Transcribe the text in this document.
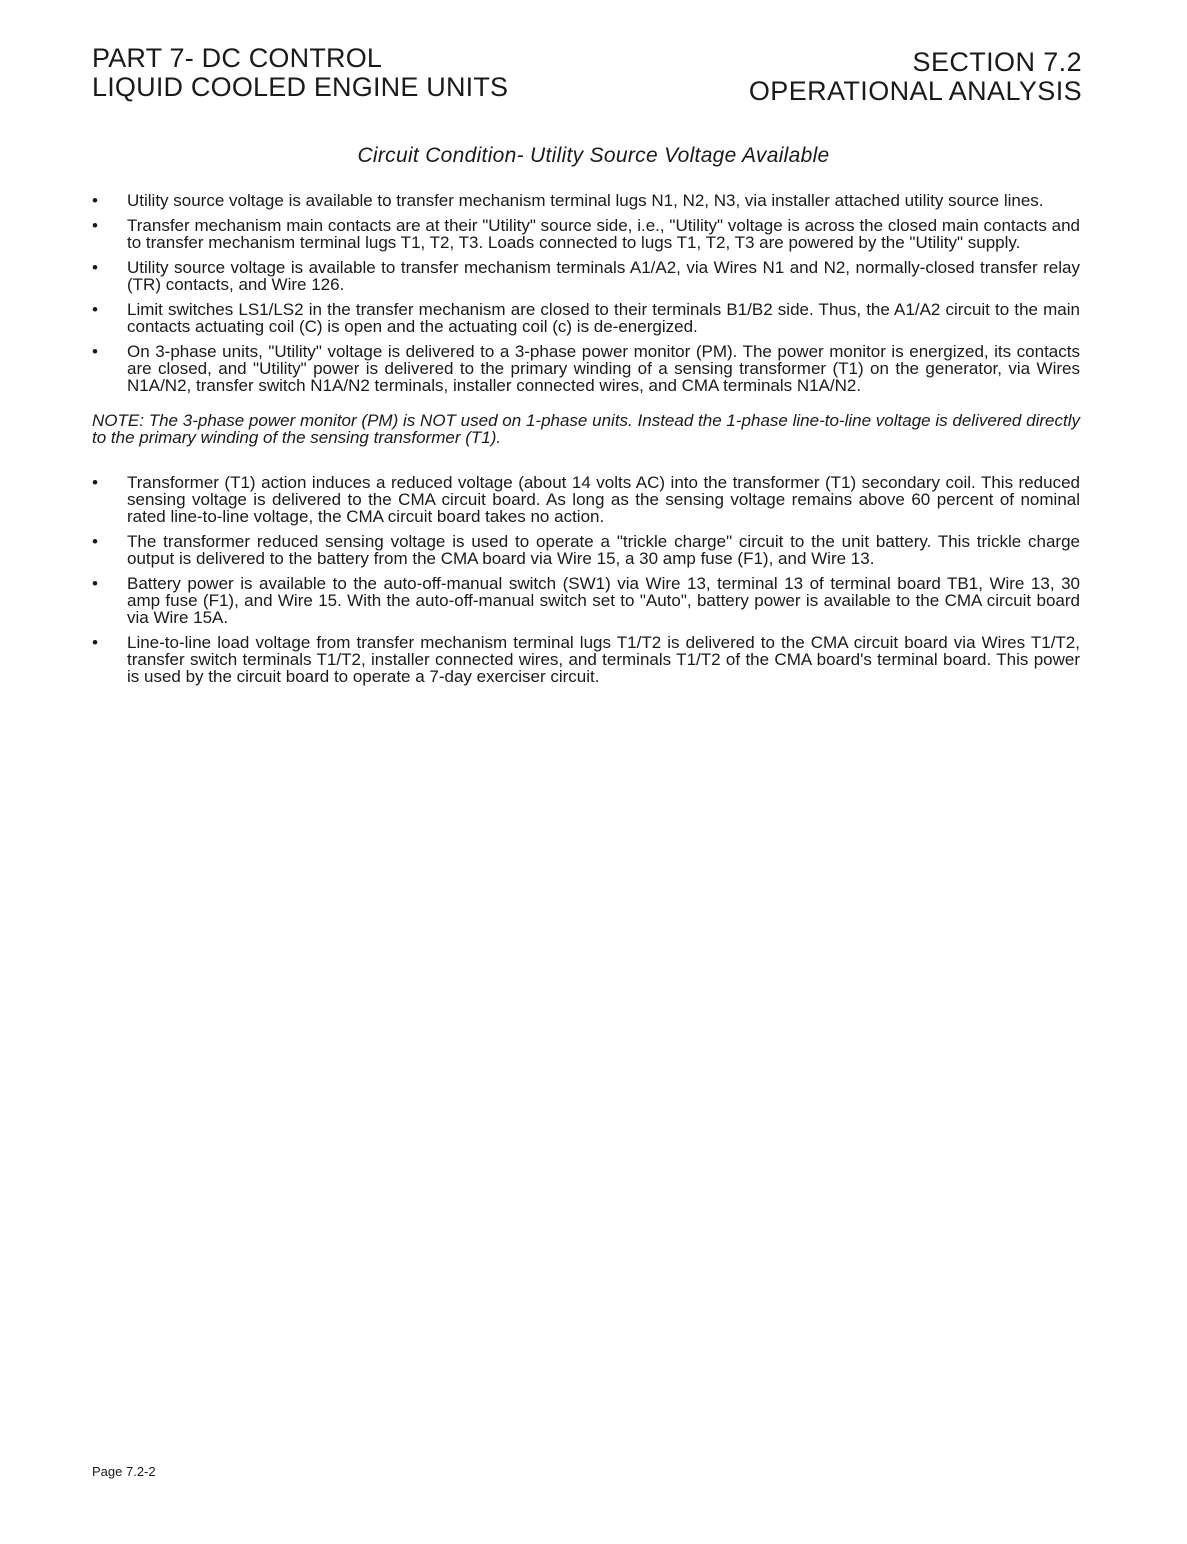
PART 7- DC CONTROL
LIQUID COOLED ENGINE UNITS
SECTION 7.2
OPERATIONAL ANALYSIS
Circuit Condition- Utility Source Voltage Available
• Utility source voltage is available to transfer mechanism terminal lugs N1, N2, N3, via installer attached utility source lines.
• Transfer mechanism main contacts are at their "Utility" source side, i.e., "Utility" voltage is across the closed main contacts and to transfer mechanism terminal lugs T1, T2, T3. Loads connected to lugs T1, T2, T3 are powered by the "Utility" supply.
• Utility source voltage is available to transfer mechanism terminals A1/A2, via Wires N1 and N2, normally-closed transfer relay (TR) contacts, and Wire 126.
• Limit switches LS1/LS2 in the transfer mechanism are closed to their terminals B1/B2 side. Thus, the A1/A2 circuit to the main contacts actuating coil (C) is open and the actuating coil (c) is de-energized.
• On 3-phase units, "Utility" voltage is delivered to a 3-phase power monitor (PM). The power monitor is energized, its contacts are closed, and "Utility" power is delivered to the primary winding of a sensing transformer (T1) on the generator, via Wires N1A/N2, transfer switch N1A/N2 terminals, installer connected wires, and CMA terminals N1A/N2.

NOTE: The 3-phase power monitor (PM) is NOT used on 1-phase units. Instead the 1-phase line-to-line voltage is delivered directly to the primary winding of the sensing transformer (T1).

• Transformer (T1) action induces a reduced voltage (about 14 volts AC) into the transformer (T1) secondary coil. This reduced sensing voltage is delivered to the CMA circuit board. As long as the sensing voltage remains above 60 percent of nominal rated line-to-line voltage, the CMA circuit board takes no action.
• The transformer reduced sensing voltage is used to operate a "trickle charge" circuit to the unit battery. This trickle charge output is delivered to the battery from the CMA board via Wire 15, a 30 amp fuse (F1), and Wire 13.
• Battery power is available to the auto-off-manual switch (SW1) via Wire 13, terminal 13 of terminal board TB1, Wire 13, 30 amp fuse (F1), and Wire 15. With the auto-off-manual switch set to "Auto", battery power is available to the CMA circuit board via Wire 15A.
• Line-to-line load voltage from transfer mechanism terminal lugs T1/T2 is delivered to the CMA circuit board via Wires T1/T2, transfer switch terminals T1/T2, installer connected wires, and terminals T1/T2 of the CMA board's terminal board. This power is used by the circuit board to operate a 7-day exerciser circuit.
Page 7.2-2
